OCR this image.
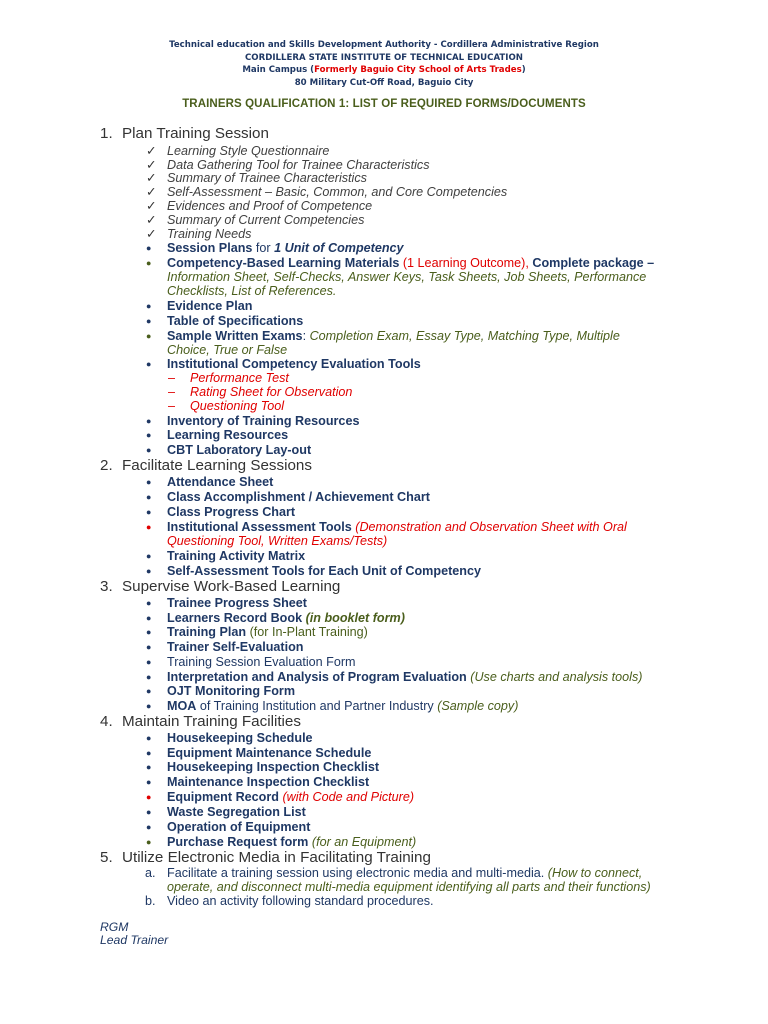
Technical education and Skills Development Authority - Cordillera Administrative Region
CORDILLERA STATE INSTITUTE OF TECHNICAL EDUCATION
Main Campus (Formerly Baguio City School of Arts Trades)
80 Military Cut-Off Road, Baguio City
TRAINERS QUALIFICATION 1: LIST OF REQUIRED FORMS/DOCUMENTS
1. Plan Training Session
✓ Learning Style Questionnaire
✓ Data Gathering Tool for Trainee Characteristics
✓ Summary of Trainee Characteristics
✓ Self-Assessment – Basic, Common, and Core Competencies
✓ Evidences and Proof of Competence
✓ Summary of Current Competencies
✓ Training Needs
● Session Plans for 1 Unit of Competency
● Competency-Based Learning Materials (1 Learning Outcome), Complete package –
Information Sheet, Self-Checks, Answer Keys, Task Sheets, Job Sheets, Performance
Checklists, List of References.
● Evidence Plan
● Table of Specifications
● Sample Written Exams: Completion Exam, Essay Type, Matching Type, Multiple
Choice, True or False
● Institutional Competency Evaluation Tools
– Performance Test
– Rating Sheet for Observation
– Questioning Tool
● Inventory of Training Resources
● Learning Resources
● CBT Laboratory Lay-out
2. Facilitate Learning Sessions
● Attendance Sheet
● Class Accomplishment / Achievement Chart
● Class Progress Chart
● Institutional Assessment Tools (Demonstration and Observation Sheet with Oral
Questioning Tool, Written Exams/Tests)
● Training Activity Matrix
● Self-Assessment Tools for Each Unit of Competency
3. Supervise Work-Based Learning
● Trainee Progress Sheet
● Learners Record Book (in booklet form)
● Training Plan (for In-Plant Training)
● Trainer Self-Evaluation
● Training Session Evaluation Form
● Interpretation and Analysis of Program Evaluation (Use charts and analysis tools)
● OJT Monitoring Form
● MOA of Training Institution and Partner Industry (Sample copy)
4. Maintain Training Facilities
● Housekeeping Schedule
● Equipment Maintenance Schedule
● Housekeeping Inspection Checklist
● Maintenance Inspection Checklist
● Equipment Record (with Code and Picture)
● Waste Segregation List
● Operation of Equipment
● Purchase Request form (for an Equipment)
5. Utilize Electronic Media in Facilitating Training
a. Facilitate a training session using electronic media and multi-media. (How to connect,
operate, and disconnect multi-media equipment identifying all parts and their functions)
b. Video an activity following standard procedures.
RGM
Lead Trainer
